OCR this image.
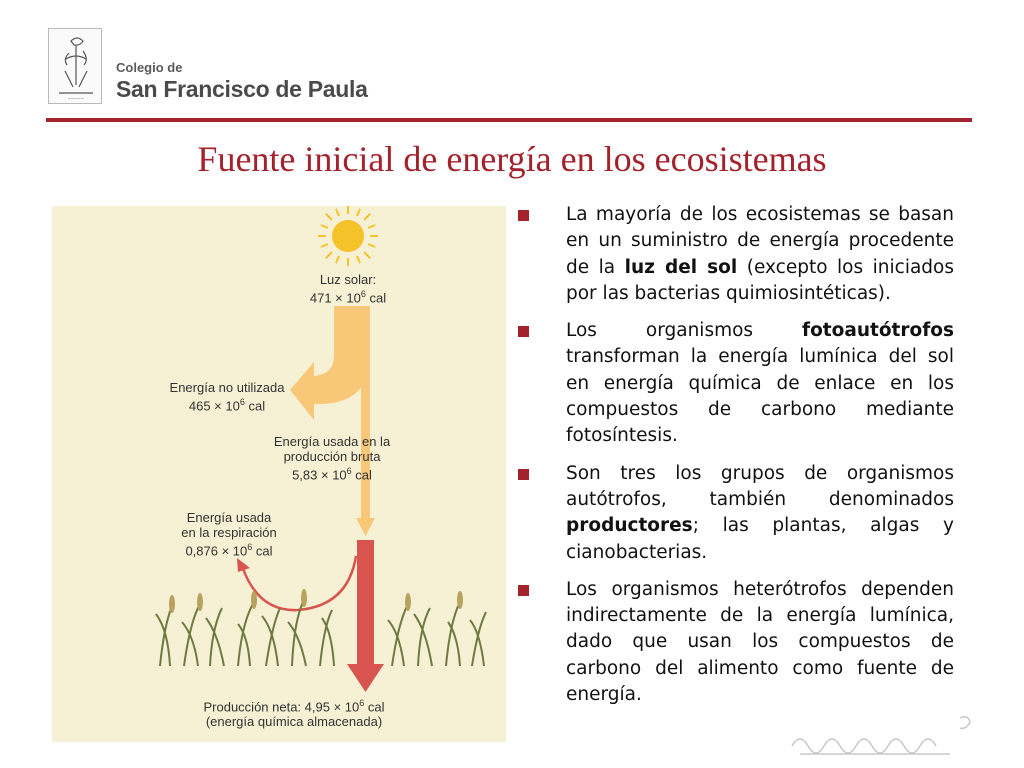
~~~~~
Colegio de
San Francisco de Paula
Fuente inicial de energía en los ecosistemas
Luz solar:
$471 \times 10^6$ cal
Energía no utilizada
$465 \times 10^6$ cal
Energía usada en la
producción bruta
$5,83 \times 10^6$ cal
Energía usada
en la respiración
$0,876 \times 10^6$ cal
Producción neta: $4,95 \times 10^6$ cal
(energía química almacenada)

La mayoría de los ecosistemas se basan en un suministro de energía procedente de la luz del sol (excepto los iniciados por las bacterias quimiosintéticas).

Los organismos fotoautótrofos transforman la energía lumínica del sol en energía química de enlace en los compuestos de carbono mediante fotosíntesis.

Son tres los grupos de organismos autótrofos, también denominados productores; las plantas, algas y cianobacterias.

Los organismos heterótrofos dependen indirectamente de la energía lumínica, dado que usan los compuestos de carbono del alimento como fuente de energía.
